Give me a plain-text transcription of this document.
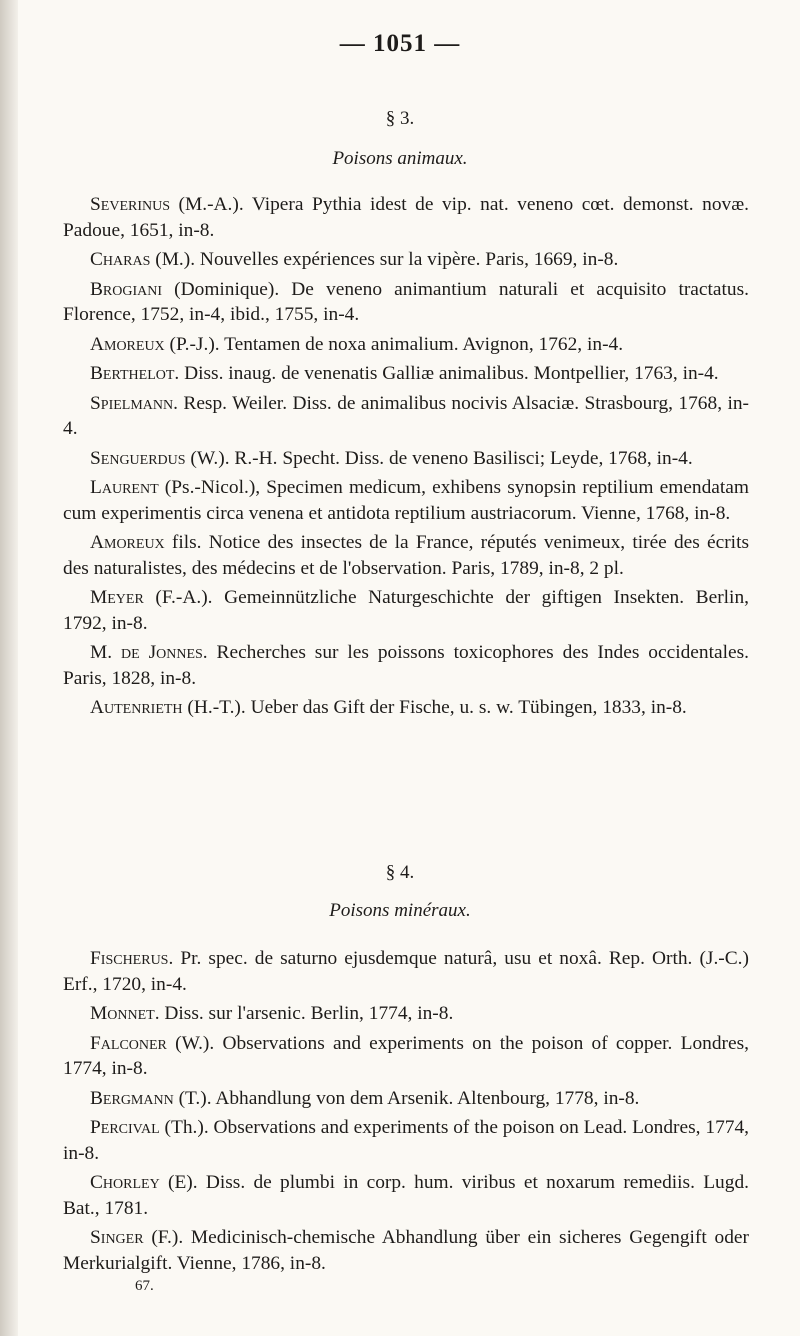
— 1051 —
§ 3.
Poisons animaux.

Severinus (M.-A.). Vipera Pythia idest de vip. nat. veneno cœt. demonst. novæ. Padoue, 1651, in-8.

Charas (M.). Nouvelles expériences sur la vipère. Paris, 1669, in-8.

Brogiani (Dominique). De veneno animantium naturali et acquisito tractatus. Florence, 1752, in-4, ibid., 1755, in-4.

Amoreux (P.-J.). Tentamen de noxa animalium. Avignon, 1762, in-4.

Berthelot. Diss. inaug. de venenatis Galliæ animalibus. Montpellier, 1763, in-4.

Spielmann. Resp. Weiler. Diss. de animalibus nocivis Alsaciæ. Strasbourg, 1768, in-4.

Senguerdus (W.). R.-H. Specht. Diss. de veneno Basilisci; Leyde, 1768, in-4.

Laurent (Ps.-Nicol.), Specimen medicum, exhibens synopsin reptilium emendatam cum experimentis circa venena et antidota reptilium austriacorum. Vienne, 1768, in-8.

Amoreux fils. Notice des insectes de la France, réputés venimeux, tirée des écrits des naturalistes, des médecins et de l'observation. Paris, 1789, in-8, 2 pl.

Meyer (F.-A.). Gemeinnützliche Naturgeschichte der giftigen Insekten. Berlin, 1792, in-8.

M. de Jonnes. Recherches sur les poissons toxicophores des Indes occidentales. Paris, 1828, in-8.

Autenrieth (H.-T.). Ueber das Gift der Fische, u. s. w. Tübingen, 1833, in-8.

§ 4.
Poisons minéraux.

Fischerus. Pr. spec. de saturno ejusdemque naturâ, usu et noxâ. Rep. Orth. (J.-C.) Erf., 1720, in-4.

Monnet. Diss. sur l'arsenic. Berlin, 1774, in-8.

Falconer (W.). Observations and experiments on the poison of copper. Londres, 1774, in-8.

Bergmann (T.). Abhandlung von dem Arsenik. Altenbourg, 1778, in-8.

Percival (Th.). Observations and experiments of the poison on Lead. Londres, 1774, in-8.

Chorley (E). Diss. de plumbi in corp. hum. viribus et noxarum remediis. Lugd. Bat., 1781.

Singer (F.). Medicinisch-chemische Abhandlung über ein sicheres Gegengift oder Merkurialgift. Vienne, 1786, in-8.

67.
